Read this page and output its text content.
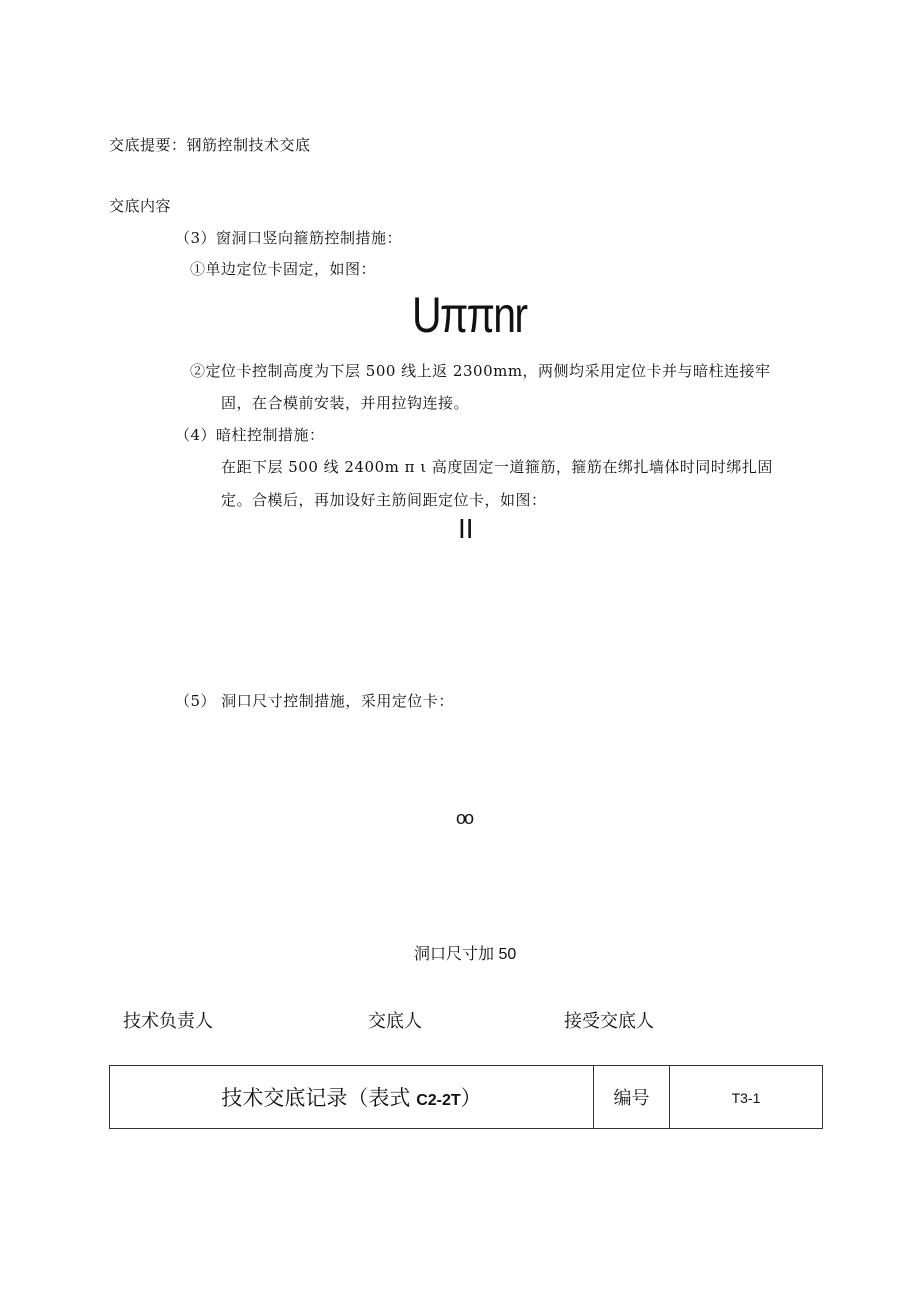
交底提要：钢筋控制技术交底
交底内容
（3）窗洞口竖向箍筋控制措施：
①单边定位卡固定，如图：
Uππnr
②定位卡控制高度为下层 500 线上返 2300mm，两侧均采用定位卡并与暗柱连接牢
固，在合模前安装，并用拉钩连接。
（4）暗柱控制措施：
在距下层 500 线 2400m π ι 高度固定一道箍筋，箍筋在绑扎墙体时同时绑扎固
定。合模后，再加设好主筋间距定位卡，如图：
II
（5） 洞口尺寸控制措施，采用定位卡：
oo
洞口尺寸加 50
技术负责人	交底人	接受交底人
技术交底记录（表式 C2-2T）	编号	T3-1
